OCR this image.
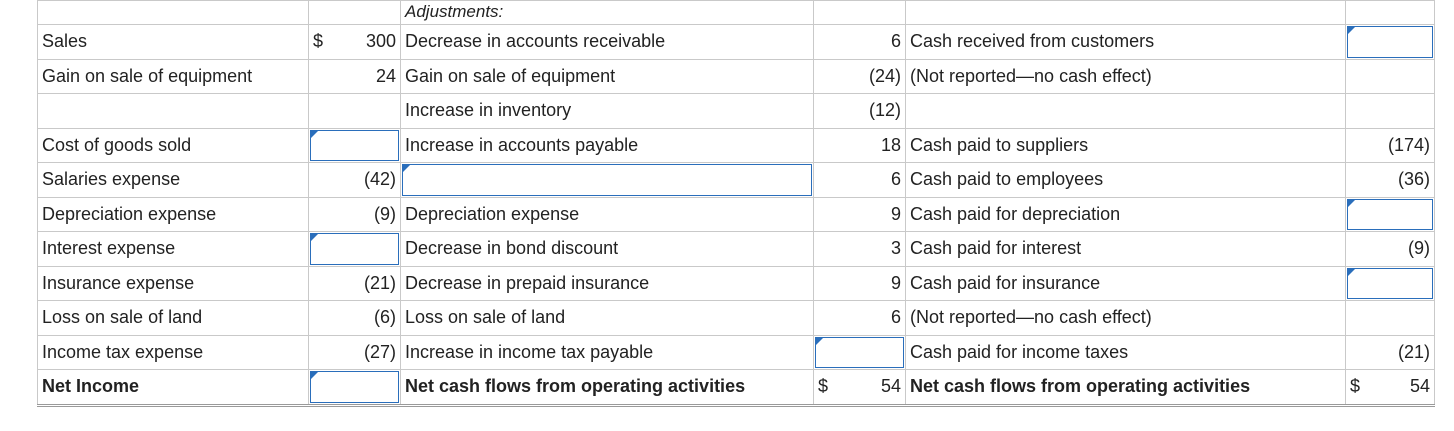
		Adjustments:			
Sales	$ 300	Decrease in accounts receivable	6	Cash received from customers	

Gain on sale of equipment	24	Gain on sale of equipment	(24)	(Not reported—no cash effect)	
		Increase in inventory	(12)		
Cost of goods sold		Increase in accounts payable	18	Cash paid to suppliers	(174)
Salaries expense	(42)		6	Cash paid to employees	(36)
Depreciation expense	(9)	Depreciation expense	9	Cash paid for depreciation	

Interest expense		Decrease in bond discount	3	Cash paid for interest	(9)
Insurance expense	(21)	Decrease in prepaid insurance	9	Cash paid for insurance	

Loss on sale of land	(6)	Loss on sale of land	6	(Not reported—no cash effect)	
Income tax expense	(27)	Increase in income tax payable		Cash paid for income taxes	(21)
Net Income		Net cash flows from operating activities	$ 54	Net cash flows from operating activities	$ 54
